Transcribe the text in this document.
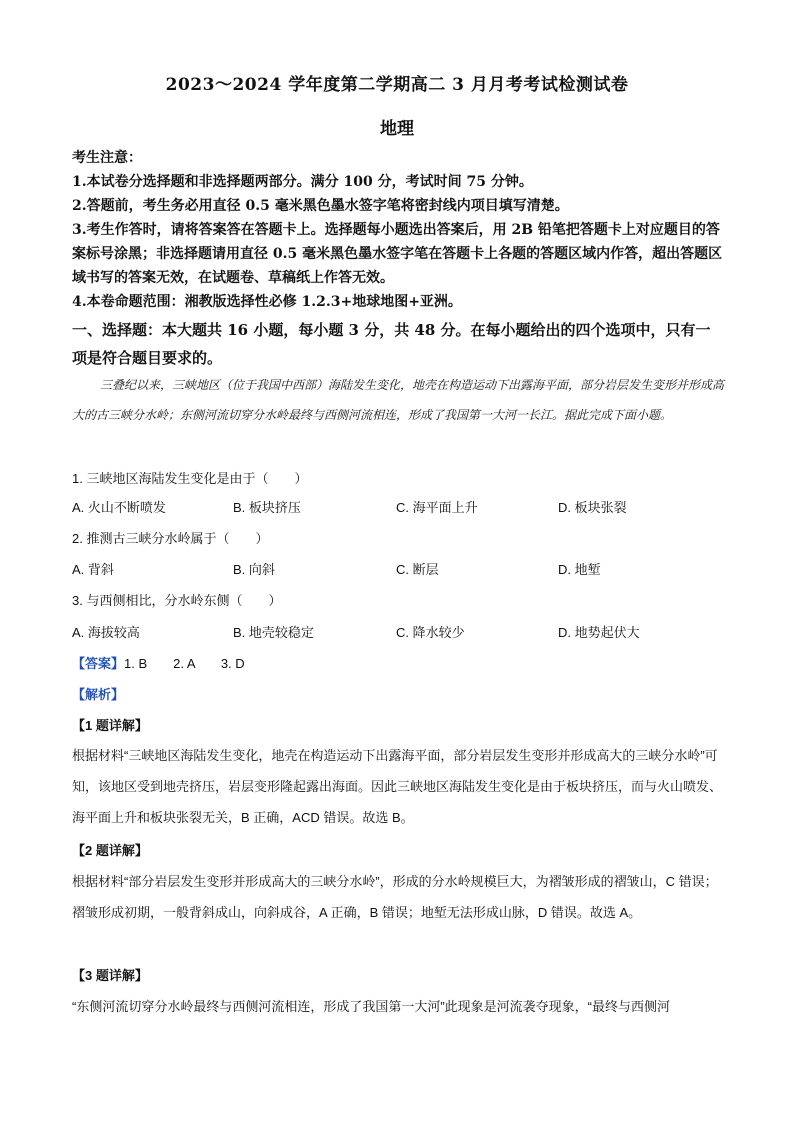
2023～2024 学年度第二学期高二 3 月月考考试检测试卷
地理

考生注意：

1.本试卷分选择题和非选择题两部分。满分 100 分，考试时间 75 分钟。

2.答题前，考生务必用直径 0.5 毫米黑色墨水签字笔将密封线内项目填写清楚。

3.考生作答时，请将答案答在答题卡上。选择题每小题选出答案后，用 2B 铅笔把答题卡上对应题目的答案标号涂黑；非选择题请用直径 0.5 毫米黑色墨水签字笔在答题卡上各题的答题区域内作答，超出答题区域书写的答案无效，在试题卷、草稿纸上作答无效。

4.本卷命题范围：湘教版选择性必修 1.2.3+地球地图+亚洲。

一、选择题：本大题共 16 小题，每小题 3 分，共 48 分。在每小题给出的四个选项中，只有一项是符合题目要求的。
三叠纪以来，三峡地区（位于我国中西部）海陆发生变化，地壳在构造运动下出露海平面，部分岩层发生变形并形成高大的古三峡分水岭；东侧河流切穿分水岭最终与西侧河流相连，形成了我国第一大河一长江。据此完成下面小题。
1. 三峡地区海陆发生变化是由于（　　）
A. 火山不断喷发	B. 板块挤压	C. 海平面上升	D. 板块张裂
2. 推测古三峡分水岭属于（　　）
A. 背斜	B. 向斜	C. 断层	D. 地堑
3. 与西侧相比，分水岭东侧（　　）
A. 海拔较高	B. 地壳较稳定	C. 降水较少	D. 地势起伏大
【答案】1. B　　2. A　　3. D
【解析】
【1 题详解】
根据材料“三峡地区海陆发生变化，地壳在构造运动下出露海平面，部分岩层发生变形并形成高大的三峡分水岭”可知，该地区受到地壳挤压，岩层变形隆起露出海面。因此三峡地区海陆发生变化是由于板块挤压，而与火山喷发、海平面上升和板块张裂无关，B 正确，ACD 错误。故选 B。
【2 题详解】
根据材料“部分岩层发生变形并形成高大的三峡分水岭”，形成的分水岭规模巨大，为褶皱形成的褶皱山，C 错误；褶皱形成初期，一般背斜成山，向斜成谷，A 正确，B 错误；地堑无法形成山脉，D 错误。故选 A。
【3 题详解】
“东侧河流切穿分水岭最终与西侧河流相连，形成了我国第一大河”此现象是河流袭夺现象，“最终与西侧河
